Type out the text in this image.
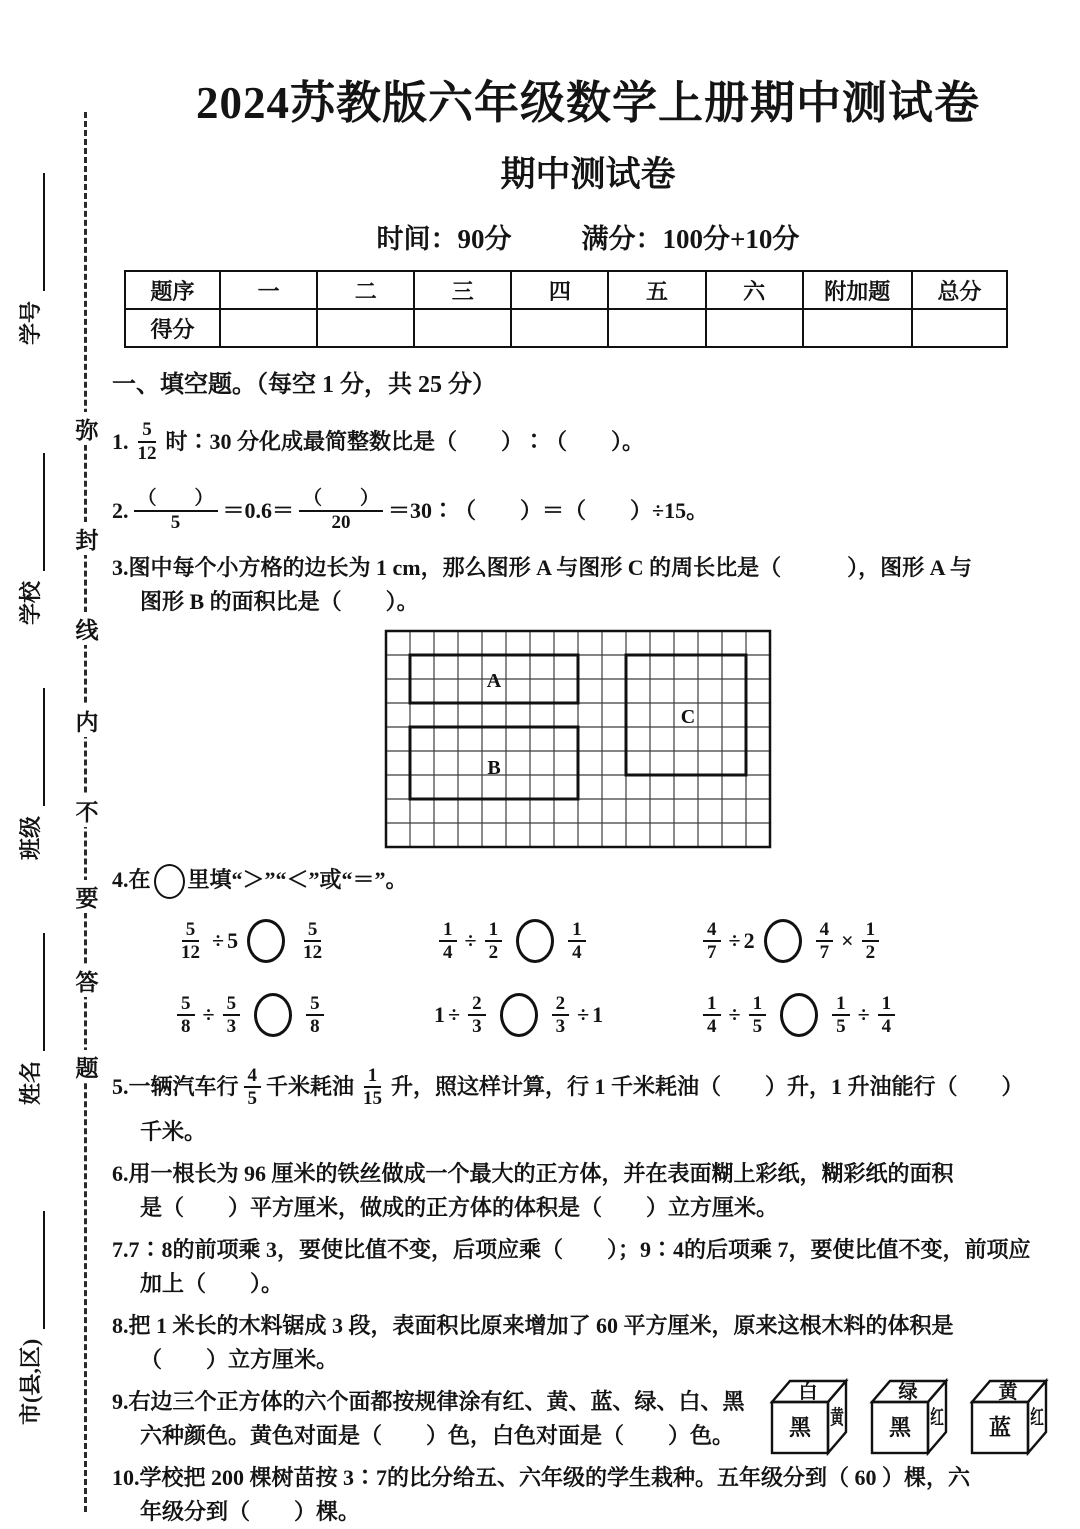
学号
学校
班级
姓名
市(县,区)
弥
封
线
内
不
要
答
题
2024苏教版六年级数学上册期中测试卷
期中测试卷
时间：90分	满分：100分+10分
题序	一	二	三	四	五	六	附加题	总分
得分								
一、填空题。（每空 1 分，共 25 分）
1. $\frac{5}{12}$ 时∶30 分化成最简整数比是（　　）∶（　　）。
2. $\frac{( )}{5} =0.6= \frac{( )}{20}$ ＝30∶（　　）＝（　　）÷15。
3.图中每个小方格的边长为 1 cm，那么图形 A 与图形 C 的周长比是（　　　），图形 A 与
图形 B 的面积比是（　　）。
A
B
C
4.在 里填“＞”“＜”或“＝”。
$\frac{5}{12} \div 5$	$\frac{5}{12}$	$\frac{1}{4} \div \frac{1}{2}$	$\frac{1}{4}$	$\frac{4}{7} \div 2$	$\frac{4}{7} \times \frac{1}{2}$
$\frac{5}{8} \div \frac{5}{3}$	$\frac{5}{8}$	$1 \div \frac{2}{3}$	$\frac{2}{3} \div 1$	$\frac{1}{4} \div \frac{1}{5}$	$\frac{1}{5} \div \frac{1}{4}$
5. 一辆汽车行 $\frac{4}{5}$ 千米耗油 $\frac{1}{15}$ 升，照这样计算，行 1 千米耗油（　　）升，1 升油能行（　　）
千米。
6.用一根长为 96 厘米的铁丝做成一个最大的正方体，并在表面糊上彩纸，糊彩纸的面积
是（　　）平方厘米，做成的正方体的体积是（　　）立方厘米。
7.7∶8的前项乘 3，要使比值不变，后项应乘（　　）；9∶4的后项乘 7，要使比值不变，前项应
加上（　　）。
8.把 1 米长的木料锯成 3 段，表面积比原来增加了 60 平方厘米，原来这根木料的体积是
（　　）立方厘米。
9.右边三个正方体的六个面都按规律涂有红、黄、蓝、绿、白、黑
六种颜色。黄色对面是（　　）色，白色对面是（　　）色。
白
黑 黄
绿
黑 红
黄
蓝 红
10.学校把 200 棵树苗按 3∶7的比分给五、六年级的学生栽种。五年级分到（ 60 ）棵，六
年级分到（　　）棵。
